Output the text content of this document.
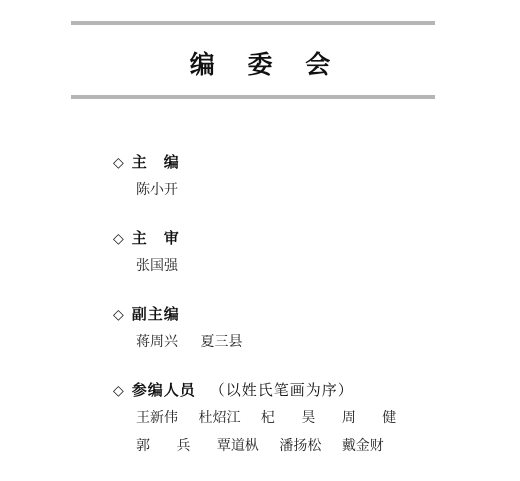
编 委 会
◇ 主　编
陈小开
◇ 主　审
张国强
◇ 副主编
蒋周兴 夏三县
◇ 参编人员 （以姓氏笔画为序）
王新伟 杜炤江 杞 昊 周 健
郭 兵 覃道枞 潘扬松 戴金财
